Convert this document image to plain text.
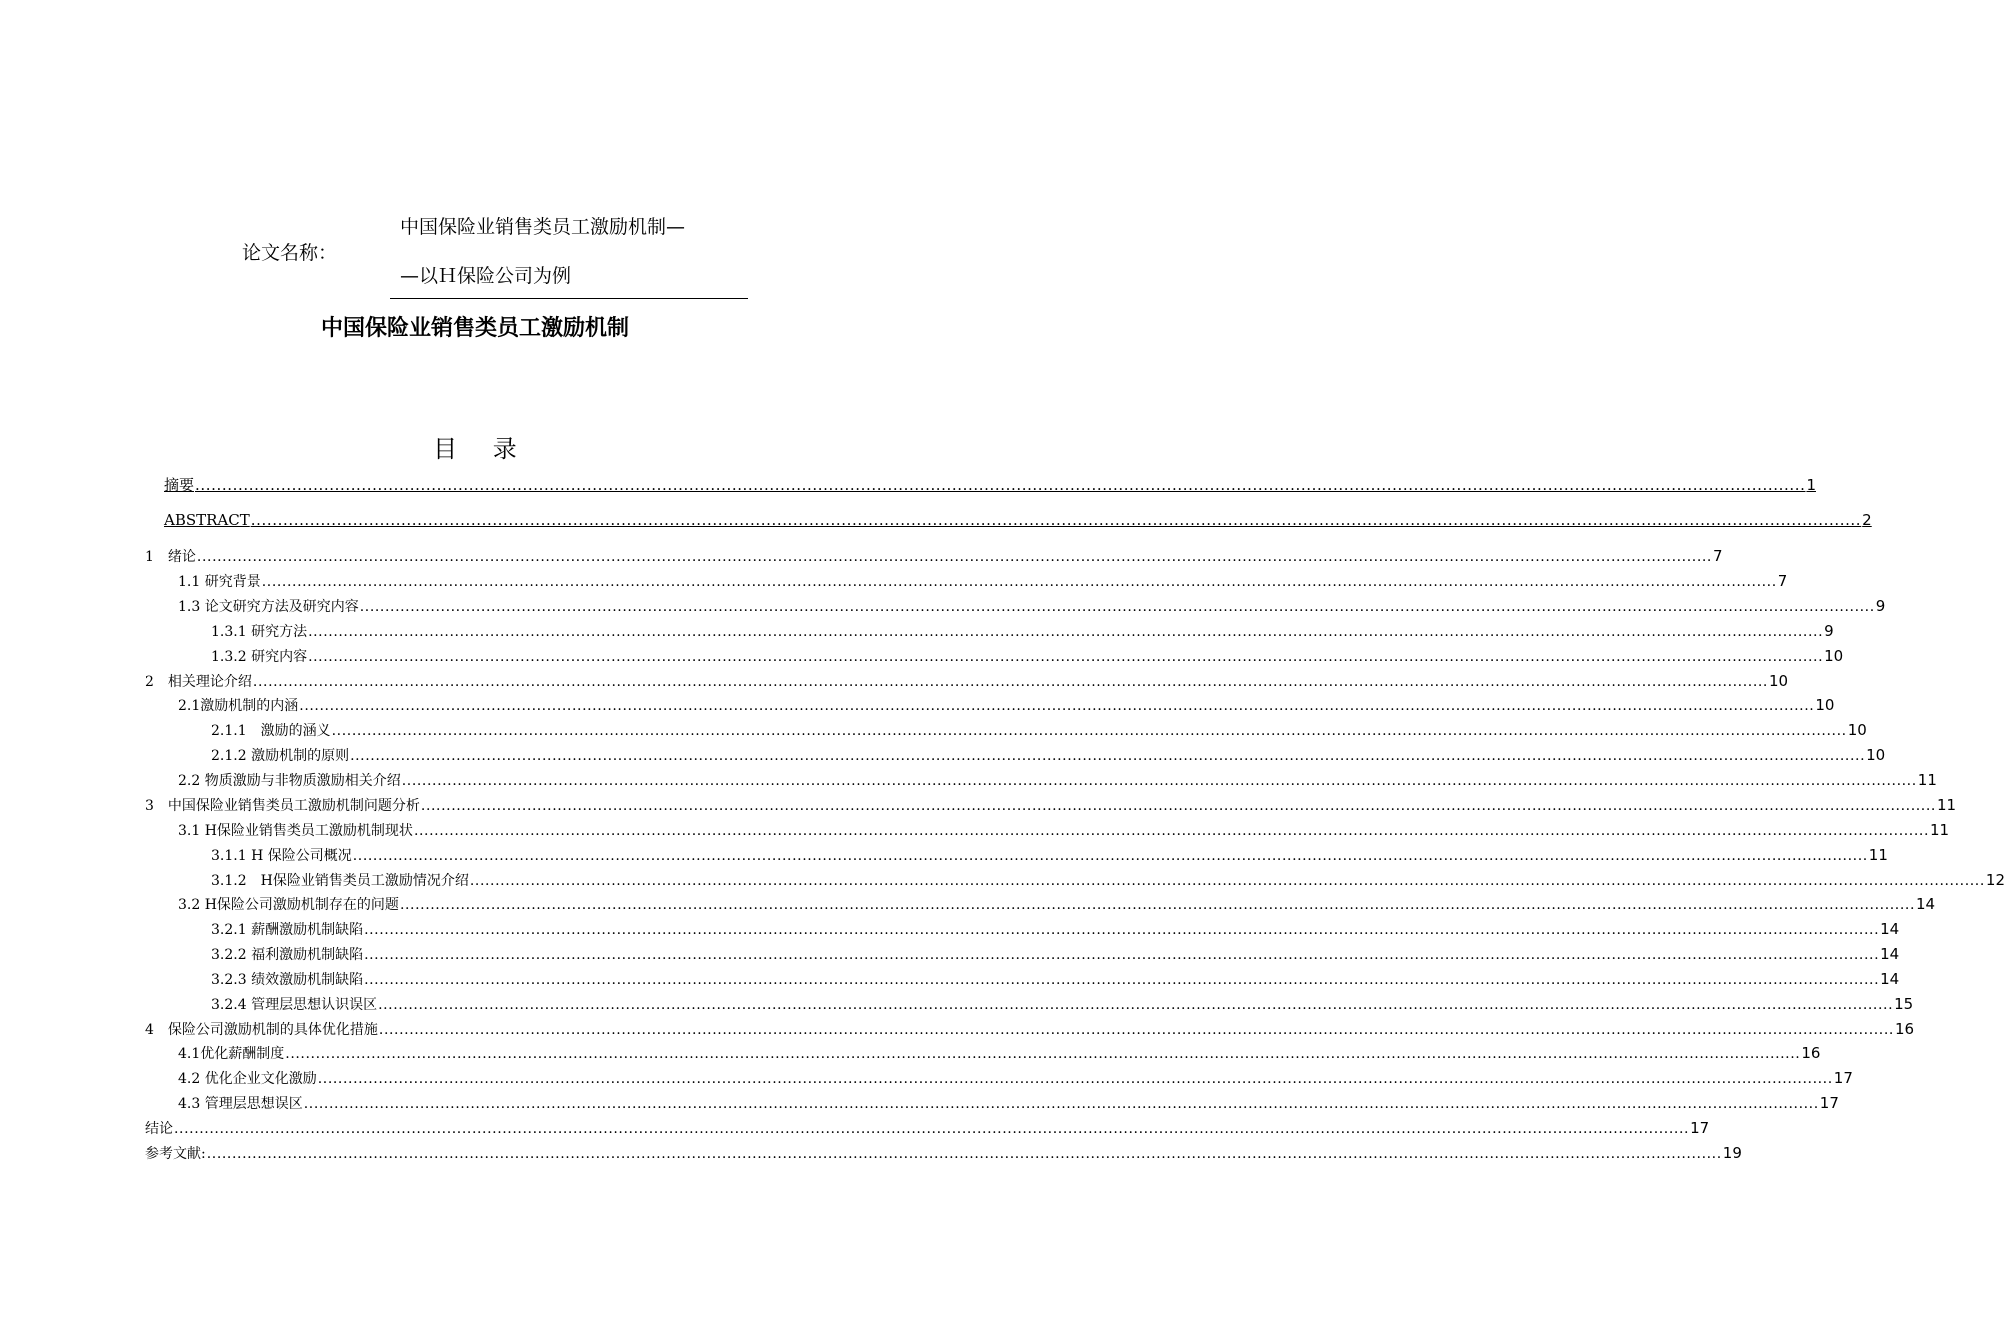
论文名称：
中国保险业销售类员工激励机制—
—以Ｈ保险公司为例
中国保险业销售类员工激励机制
目 录
摘要 ............................................................................................................................................................................................................................................................................................................ 1
ABSTRACT ............................................................................................................................................................................................................................................................................................................ 2
1　绪论 ............................................................................................................................................................................................................................................................................................................ 7
1.1 研究背景 ............................................................................................................................................................................................................................................................................................................ 7
1.3 论文研究方法及研究内容 ............................................................................................................................................................................................................................................................................................................ 9
1.3.1 研究方法 ............................................................................................................................................................................................................................................................................................................ 9
1.3.2 研究内容 ............................................................................................................................................................................................................................................................................................................ 10
2　相关理论介绍 ............................................................................................................................................................................................................................................................................................................ 10
2.1激励机制的内涵 ............................................................................................................................................................................................................................................................................................................ 10
2.1.1　激励的涵义 ............................................................................................................................................................................................................................................................................................................ 10
2.1.2 激励机制的原则 ............................................................................................................................................................................................................................................................................................................ 10
2.2 物质激励与非物质激励相关介绍 ............................................................................................................................................................................................................................................................................................................ 11
3　中国保险业销售类员工激励机制问题分析 ............................................................................................................................................................................................................................................................................................................ 11
3.1 H保险业销售类员工激励机制现状 ............................................................................................................................................................................................................................................................................................................ 11
3.1.1 H 保险公司概况 ............................................................................................................................................................................................................................................................................................................ 11
3.1.2　H保险业销售类员工激励情况介绍 ............................................................................................................................................................................................................................................................................................................ 12
3.2 H保险公司激励机制存在的问题 ............................................................................................................................................................................................................................................................................................................ 14
3.2.1 薪酬激励机制缺陷 ............................................................................................................................................................................................................................................................................................................ 14
3.2.2 福利激励机制缺陷 ............................................................................................................................................................................................................................................................................................................ 14
3.2.3 绩效激励机制缺陷 ............................................................................................................................................................................................................................................................................................................ 14
3.2.4 管理层思想认识误区 ............................................................................................................................................................................................................................................................................................................ 15
4　保险公司激励机制的具体优化措施 ............................................................................................................................................................................................................................................................................................................ 16
4.1优化薪酬制度 ............................................................................................................................................................................................................................................................................................................ 16
4.2 优化企业文化激励 ............................................................................................................................................................................................................................................................................................................ 17
4.3 管理层思想误区 ............................................................................................................................................................................................................................................................................................................ 17
结论 ............................................................................................................................................................................................................................................................................................................ 17
参考文献: ............................................................................................................................................................................................................................................................................................................ 19
